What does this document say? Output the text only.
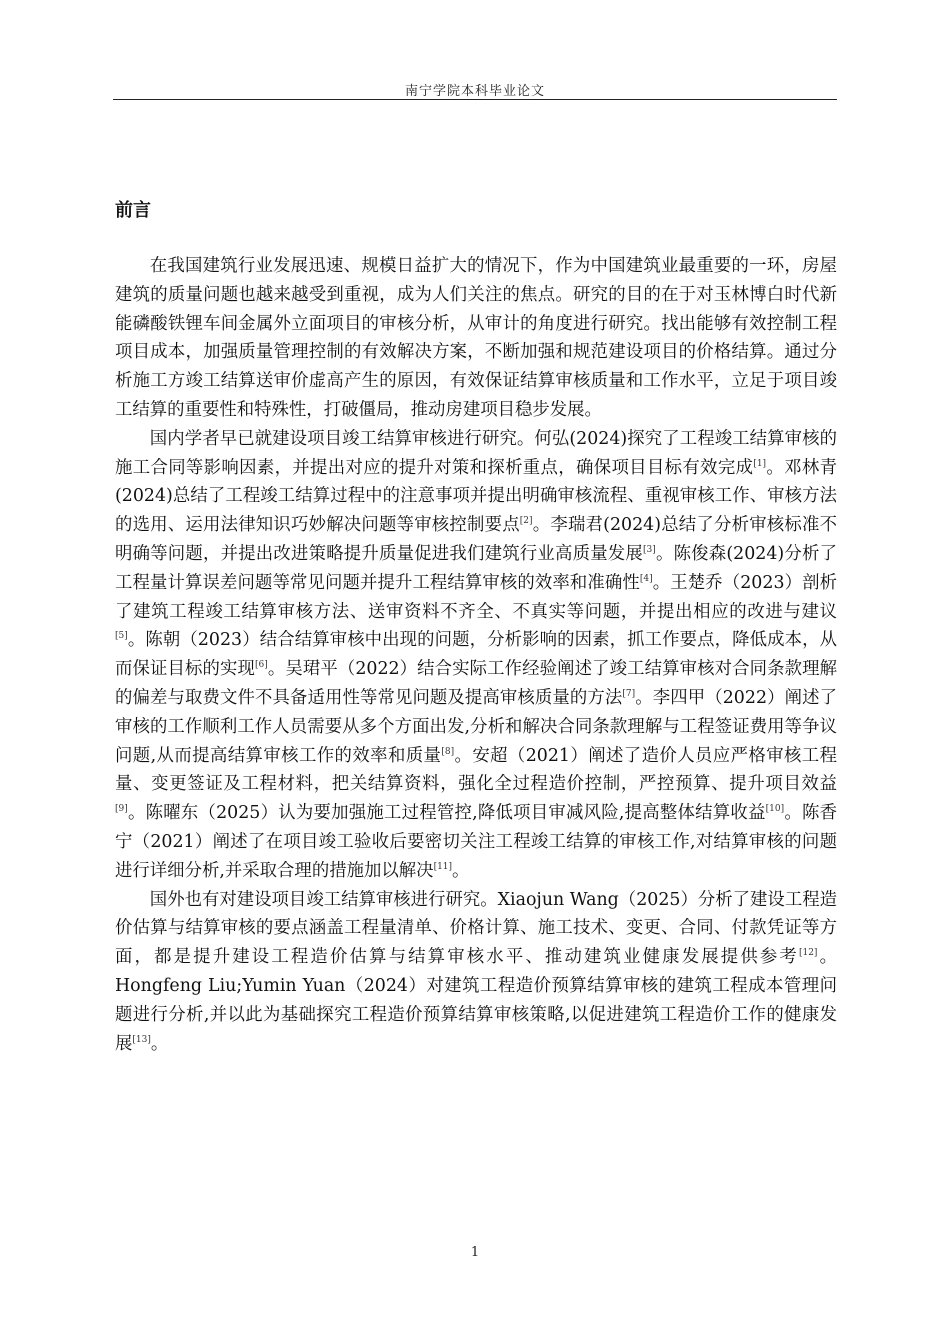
南宁学院本科毕业论文
前言

在我国建筑行业发展迅速、规模日益扩大的情况下，作为中国建筑业最重要的一环，房屋建筑的质量问题也越来越受到重视，成为人们关注的焦点。研究的目的在于对玉林博白时代新能磷酸铁锂车间金属外立面项目的审核分析，从审计的角度进行研究。找出能够有效控制工程项目成本，加强质量管理控制的有效解决方案，不断加强和规范建设项目的价格结算。通过分析施工方竣工结算送审价虚高产生的原因，有效保证结算审核质量和工作水平，立足于项目竣工结算的重要性和特殊性，打破僵局，推动房建项目稳步发展。

国内学者早已就建设项目竣工结算审核进行研究。何弘(2024)探究了工程竣工结算审核的施工合同等影响因素，并提出对应的提升对策和探析重点，确保项目目标有效完成[1]。邓林青(2024)总结了工程竣工结算过程中的注意事项并提出明确审核流程、重视审核工作、审核方法的选用、运用法律知识巧妙解决问题等审核控制要点[2]。李瑞君(2024)总结了分析审核标准不明确等问题，并提出改进策略提升质量促进我们建筑行业高质量发展[3]。陈俊森(2024)分析了工程量计算误差问题等常见问题并提升工程结算审核的效率和准确性[4]。王楚乔（2023）剖析了建筑工程竣工结算审核方法、送审资料不齐全、不真实等问题，并提出相应的改进与建议[5]。陈朝（2023）结合结算审核中出现的问题，分析影响的因素，抓工作要点，降低成本，从而保证目标的实现[6]。吴珺平（2022）结合实际工作经验阐述了竣工结算审核对合同条款理解的偏差与取费文件不具备适用性等常见问题及提高审核质量的方法[7]。李四甲（2022）阐述了审核的工作顺利工作人员需要从多个方面出发,分析和解决合同条款理解与工程签证费用等争议问题,从而提高结算审核工作的效率和质量[8]。安超（2021）阐述了造价人员应严格审核工程量、变更签证及工程材料，把关结算资料，强化全过程造价控制，严控预算、提升项目效益[9]。陈曜东（2025）认为要加强施工过程管控,降低项目审减风险,提高整体结算收益[10]。陈香宁（2021）阐述了在项目竣工验收后要密切关注工程竣工结算的审核工作,对结算审核的问题进行详细分析,并采取合理的措施加以解决[11]。

国外也有对建设项目竣工结算审核进行研究。Xiaojun Wang（2025）分析了建设工程造价估算与结算审核的要点涵盖工程量清单、价格计算、施工技术、变更、合同、付款凭证等方面，都是提升建设工程造价估算与结算审核水平、推动建筑业健康发展提供参考[12]。Hongfeng Liu;Yumin Yuan（2024）对建筑工程造价预算结算审核的建筑工程成本管理问题进行分析,并以此为基础探究工程造价预算结算审核策略,以促进建筑工程造价工作的健康发展[13]。

1
